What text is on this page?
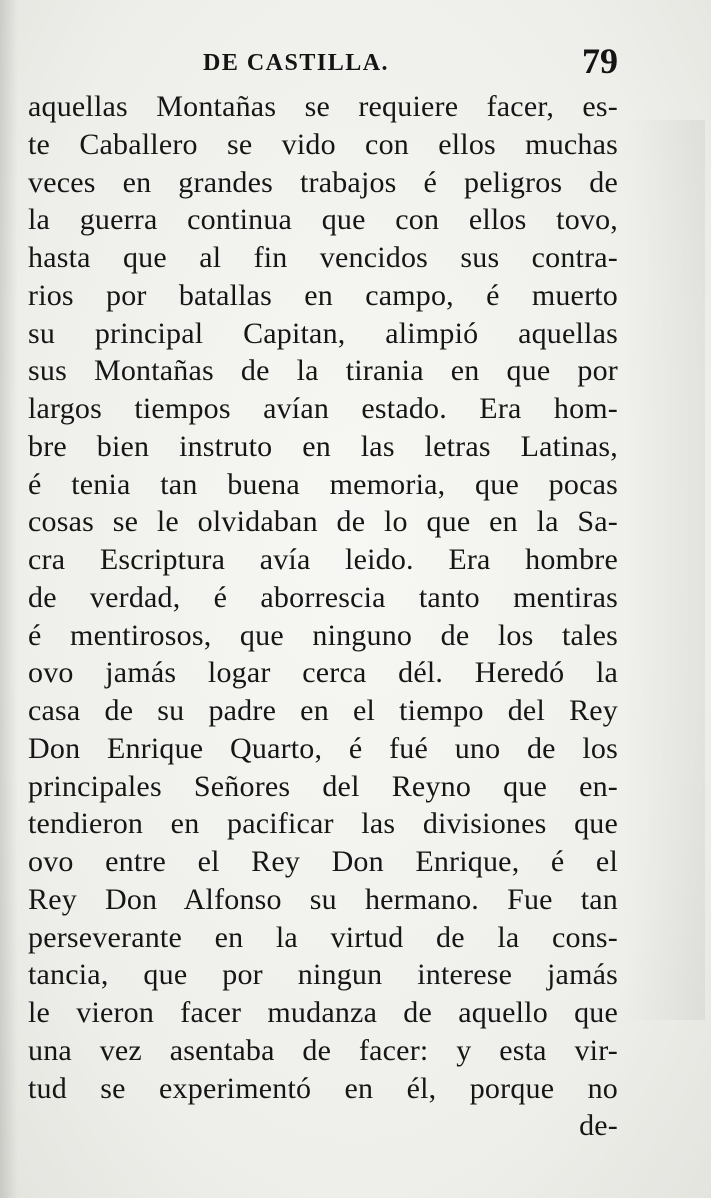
DE CASTILLA.	79
aquellas Montañas se requiere facer, es-
te Caballero se vido con ellos muchas
veces en grandes trabajos é peligros de
la guerra continua que con ellos tovo,
hasta que al fin vencidos sus contra-
rios por batallas en campo, é muerto
su principal Capitan, alimpió aquellas
sus Montañas de la tirania en que por
largos tiempos avían estado. Era hom-
bre bien instruto en las letras Latinas,
é tenia tan buena memoria, que pocas
cosas se le olvidaban de lo que en la Sa-
cra Escriptura avía leido. Era hombre
de verdad, é aborrescia tanto mentiras
é mentirosos, que ninguno de los tales
ovo jamás logar cerca dél. Heredó la
casa de su padre en el tiempo del Rey
Don Enrique Quarto, é fué uno de los
principales Señores del Reyno que en-
tendieron en pacificar las divisiones que
ovo entre el Rey Don Enrique, é el
Rey Don Alfonso su hermano. Fue tan
perseverante en la virtud de la cons-
tancia, que por ningun interese jamás
le vieron facer mudanza de aquello que
una vez asentaba de facer: y esta vir-
tud se experimentó en él, porque no
de-
